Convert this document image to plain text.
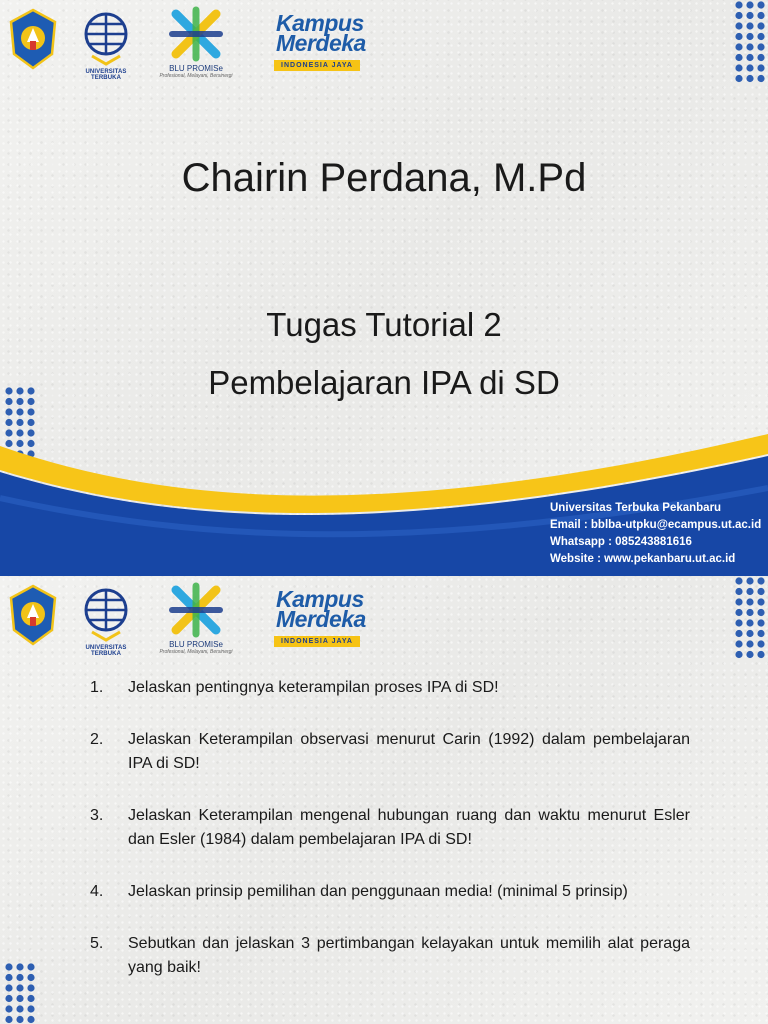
UNIVERSITAS TERBUKA
BLU PROMISe
Profesional, Melayani, Bersinergi
Kampus
Merdeka
INDONESIA JAYA
Chairin Perdana, M.Pd
Tugas Tutorial 2
Pembelajaran IPA di SD
Universitas Terbuka Pekanbaru
Email : bblba-utpku@ecampus.ut.ac.id
Whatsapp : 085243881616
Website : www.pekanbaru.ut.ac.id
UNIVERSITAS TERBUKA
BLU PROMISe
Profesional, Melayani, Bersinergi
Kampus
Merdeka
INDONESIA JAYA
1. Jelaskan pentingnya keterampilan proses IPA di SD!
2. Jelaskan Keterampilan observasi menurut Carin (1992) dalam pembelajaran IPA di SD!
3. Jelaskan Keterampilan mengenal hubungan ruang dan waktu menurut Esler dan Esler (1984) dalam pembelajaran IPA di SD!
4. Jelaskan prinsip pemilihan dan penggunaan media! (minimal 5 prinsip)
5. Sebutkan dan jelaskan 3 pertimbangan kelayakan untuk memilih alat peraga yang baik!
